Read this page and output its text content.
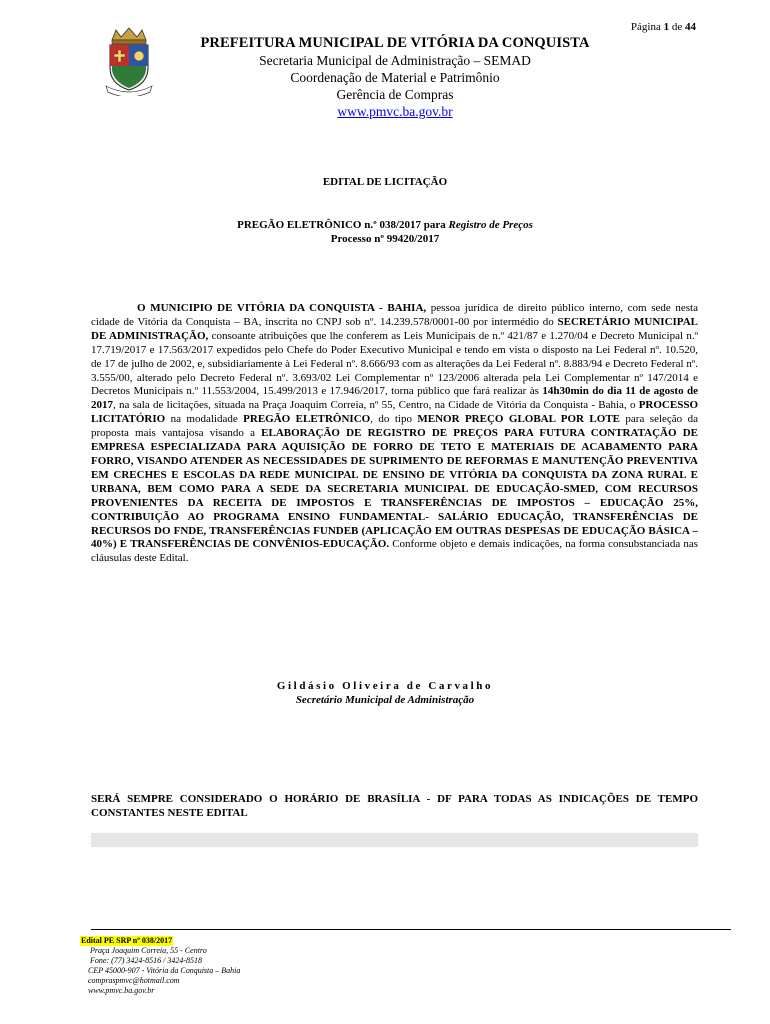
Página 1 de 44
PREFEITURA MUNICIPAL DE VITÓRIA DA CONQUISTA
Secretaria Municipal de Administração – SEMAD
Coordenação de Material e Patrimônio
Gerência de Compras
www.pmvc.ba.gov.br
EDITAL DE LICITAÇÃO
PREGÃO ELETRÔNICO n.º 038/2017 para Registro de Preços
Processo nº 99420/2017
O MUNICIPIO DE VITÓRIA DA CONQUISTA - BAHIA, pessoa jurídica de direito público interno, com sede nesta cidade de Vitória da Conquista – BA, inscrita no CNPJ sob nº. 14.239.578/0001-00 por intermédio do SECRETÁRIO MUNICIPAL DE ADMINISTRAÇÃO, consoante atribuições que lhe conferem as Leis Municipais de n.º 421/87 e 1.270/04 e Decreto Municipal n.º 17.719/2017 e 17.563/2017 expedidos pelo Chefe do Poder Executivo Municipal e tendo em vista o disposto na Lei Federal nº. 10.520, de 17 de julho de 2002, e, subsidiariamente à Lei Federal nº. 8.666/93 com as alterações da Lei Federal nº. 8.883/94 e Decreto Federal nº. 3.555/00, alterado pelo Decreto Federal nº. 3.693/02 Lei Complementar nº 123/2006 alterada pela Lei Complementar nº 147/2014 e Decretos Municipais n.º 11.553/2004, 15.499/2013 e 17.946/2017, torna público que fará realizar às 14h30min do dia 11 de agosto de 2017, na sala de licitações, situada na Praça Joaquim Correia, nº 55, Centro, na Cidade de Vitória da Conquista - Bahia, o PROCESSO LICITATÓRIO na modalidade PREGÃO ELETRÔNICO, do tipo MENOR PREÇO GLOBAL POR LOTE para seleção da proposta mais vantajosa visando a ELABORAÇÃO DE REGISTRO DE PREÇOS PARA FUTURA CONTRATAÇÃO DE EMPRESA ESPECIALIZADA PARA AQUISIÇÃO DE FORRO DE TETO E MATERIAIS DE ACABAMENTO PARA FORRO, VISANDO ATENDER AS NECESSIDADES DE SUPRIMENTO DE REFORMAS E MANUTENÇÃO PREVENTIVA EM CRECHES E ESCOLAS DA REDE MUNICIPAL DE ENSINO DE VITÓRIA DA CONQUISTA DA ZONA RURAL E URBANA, BEM COMO PARA A SEDE DA SECRETARIA MUNICIPAL DE EDUCAÇÃO-SMED, COM RECURSOS PROVENIENTES DA RECEITA DE IMPOSTOS E TRANSFERÊNCIAS DE IMPOSTOS – EDUCAÇÃO 25%, CONTRIBUIÇÃO AO PROGRAMA ENSINO FUNDAMENTAL- SALÁRIO EDUCAÇÃO, TRANSFERÊNCIAS DE RECURSOS DO FNDE, TRANSFERÊNCIAS FUNDEB (APLICAÇÃO EM OUTRAS DESPESAS DE EDUCAÇÃO BÁSICA – 40%) E TRANSFERÊNCIAS DE CONVÊNIOS-EDUCAÇÃO. Conforme objeto e demais indicações, na forma consubstanciada nas cláusulas deste Edital.
Gildásio Oliveira de Carvalho
Secretário Municipal de Administração
SERÁ SEMPRE CONSIDERADO O HORÁRIO DE BRASÍLIA - DF PARA TODAS AS INDICAÇÕES DE TEMPO CONSTANTES NESTE EDITAL
Edital PE SRP nº 038/2017
Praça Joaquim Correia, 55 - Centro
Fone: (77) 3424-8516 / 3424-8518
CEP 45000-907 - Vitória da Conquista – Bahia
compraspmvc@hotmail.com
www.pmvc.ba.gov.br
